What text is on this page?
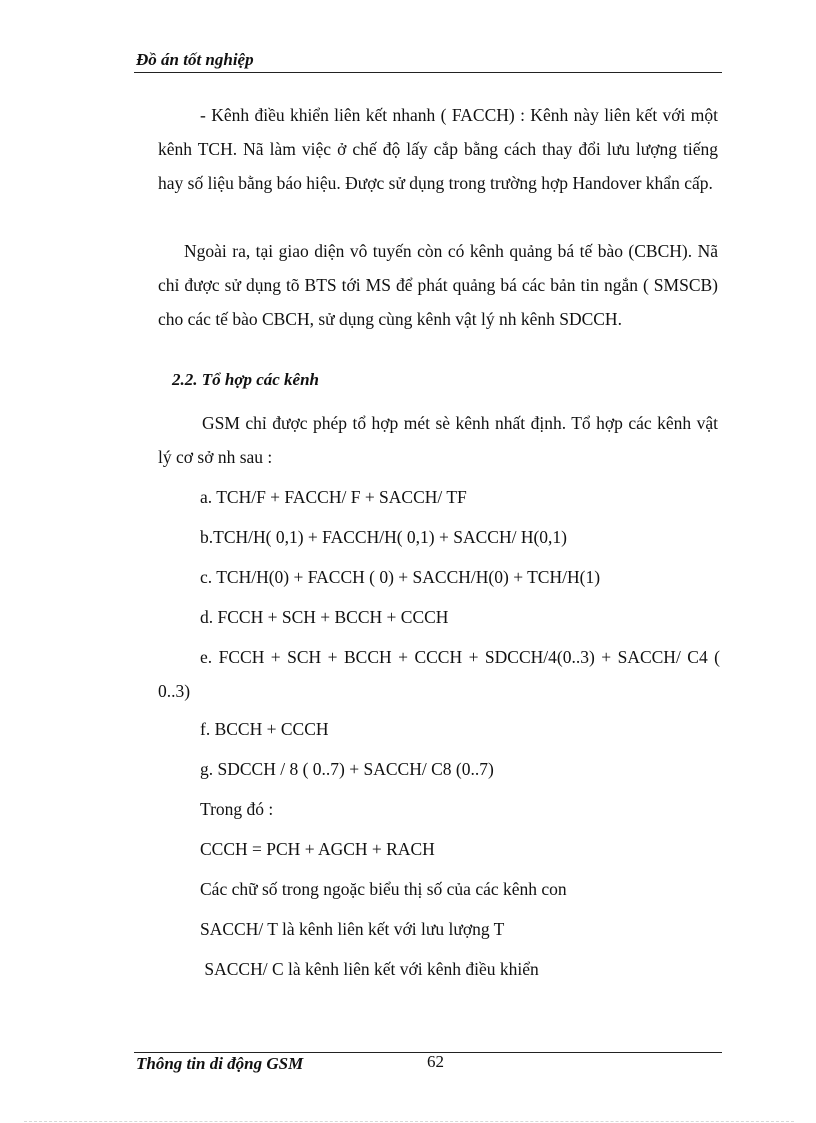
Đồ án tốt nghiệp
- Kênh điều khiển liên kết nhanh ( FACCH) : Kênh này liên kết với một kênh TCH. Nã làm việc ở chế độ lấy cắp bằng cách thay đổi lưu lượng tiếng hay số liệu bằng báo hiệu. Được sử dụng trong trường hợp Handover khẩn cấp.
Ngoài ra, tại giao diện vô tuyến còn có kênh quảng bá tế bào (CBCH). Nã chỉ được sử dụng tõ BTS tới MS để phát quảng bá các bản tin ngắn ( SMSCB) cho các tế bào CBCH, sử dụng cùng kênh vật lý nh kênh SDCCH.
2.2. Tổ hợp các kênh
GSM chỉ được phép tổ hợp mét sè kênh nhất định. Tổ hợp các kênh vật lý cơ sở nh sau :
a. TCH/F + FACCH/ F + SACCH/ TF
b.TCH/H( 0,1) + FACCH/H( 0,1) + SACCH/ H(0,1)
c. TCH/H(0) + FACCH ( 0) + SACCH/H(0) + TCH/H(1)
d. FCCH + SCH + BCCH + CCCH
e. FCCH + SCH + BCCH + CCCH + SDCCH/4(0..3) + SACCH/ C4 ( 0..3)
f. BCCH + CCCH
g. SDCCH / 8 ( 0..7) + SACCH/ C8 (0..7)
Trong đó :
CCCH = PCH + AGCH + RACH
Các chữ số trong ngoặc biểu thị số của các kênh con
SACCH/ T là kênh liên kết với lưu lượng T
SACCH/ C là kênh liên kết với kênh điều khiển
Thông tin di động GSM	62
